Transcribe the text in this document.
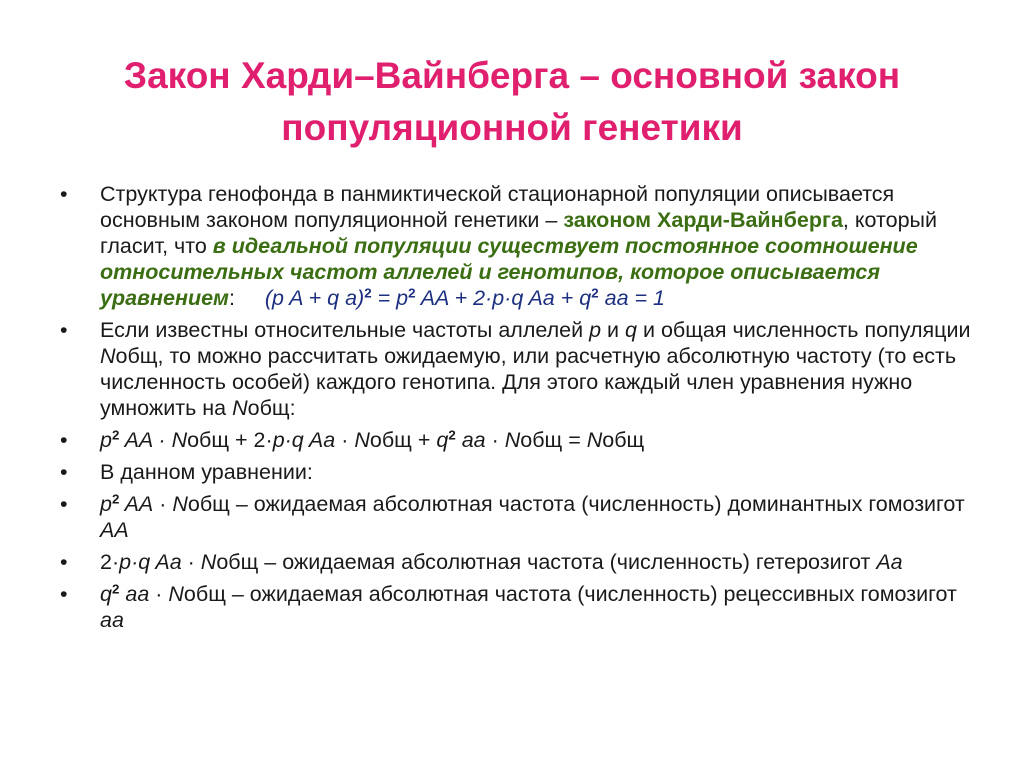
Закон Харди–Вайнберга – основной закон
популяционной генетики
•	Структура генофонда в панмиктической стационарной популяции описывается основным законом популяционной генетики – законом Харди-Вайнберга, который гласит, что в идеальной популяции существует постоянное соотношение относительных частот аллелей и генотипов, которое описывается уравнением: (p A + q $a)^2 = p^2$ AA + 2·p·q $Aa + q^2$ aa = 1
•	Если известны относительные частоты аллелей p и q и общая численность популяции Nобщ, то можно рассчитать ожидаемую, или расчетную абсолютную частоту (то есть численность особей) каждого генотипа. Для этого каждый член уравнения нужно умножить на Nобщ:
•	$p^2$ AA · Nобщ + 2·p·q Aa · Nобщ + $q^2$ aa · Nобщ = Nобщ
•	В данном уравнении:
•	$p^2$ AA · Nобщ – ожидаемая абсолютная частота (численность) доминантных гомозигот AA
•	2·p·q Aa · Nобщ – ожидаемая абсолютная частота (численность) гетерозигот Aa
•	$q^2$ aa · Nобщ – ожидаемая абсолютная частота (численность) рецессивных гомозигот aa
